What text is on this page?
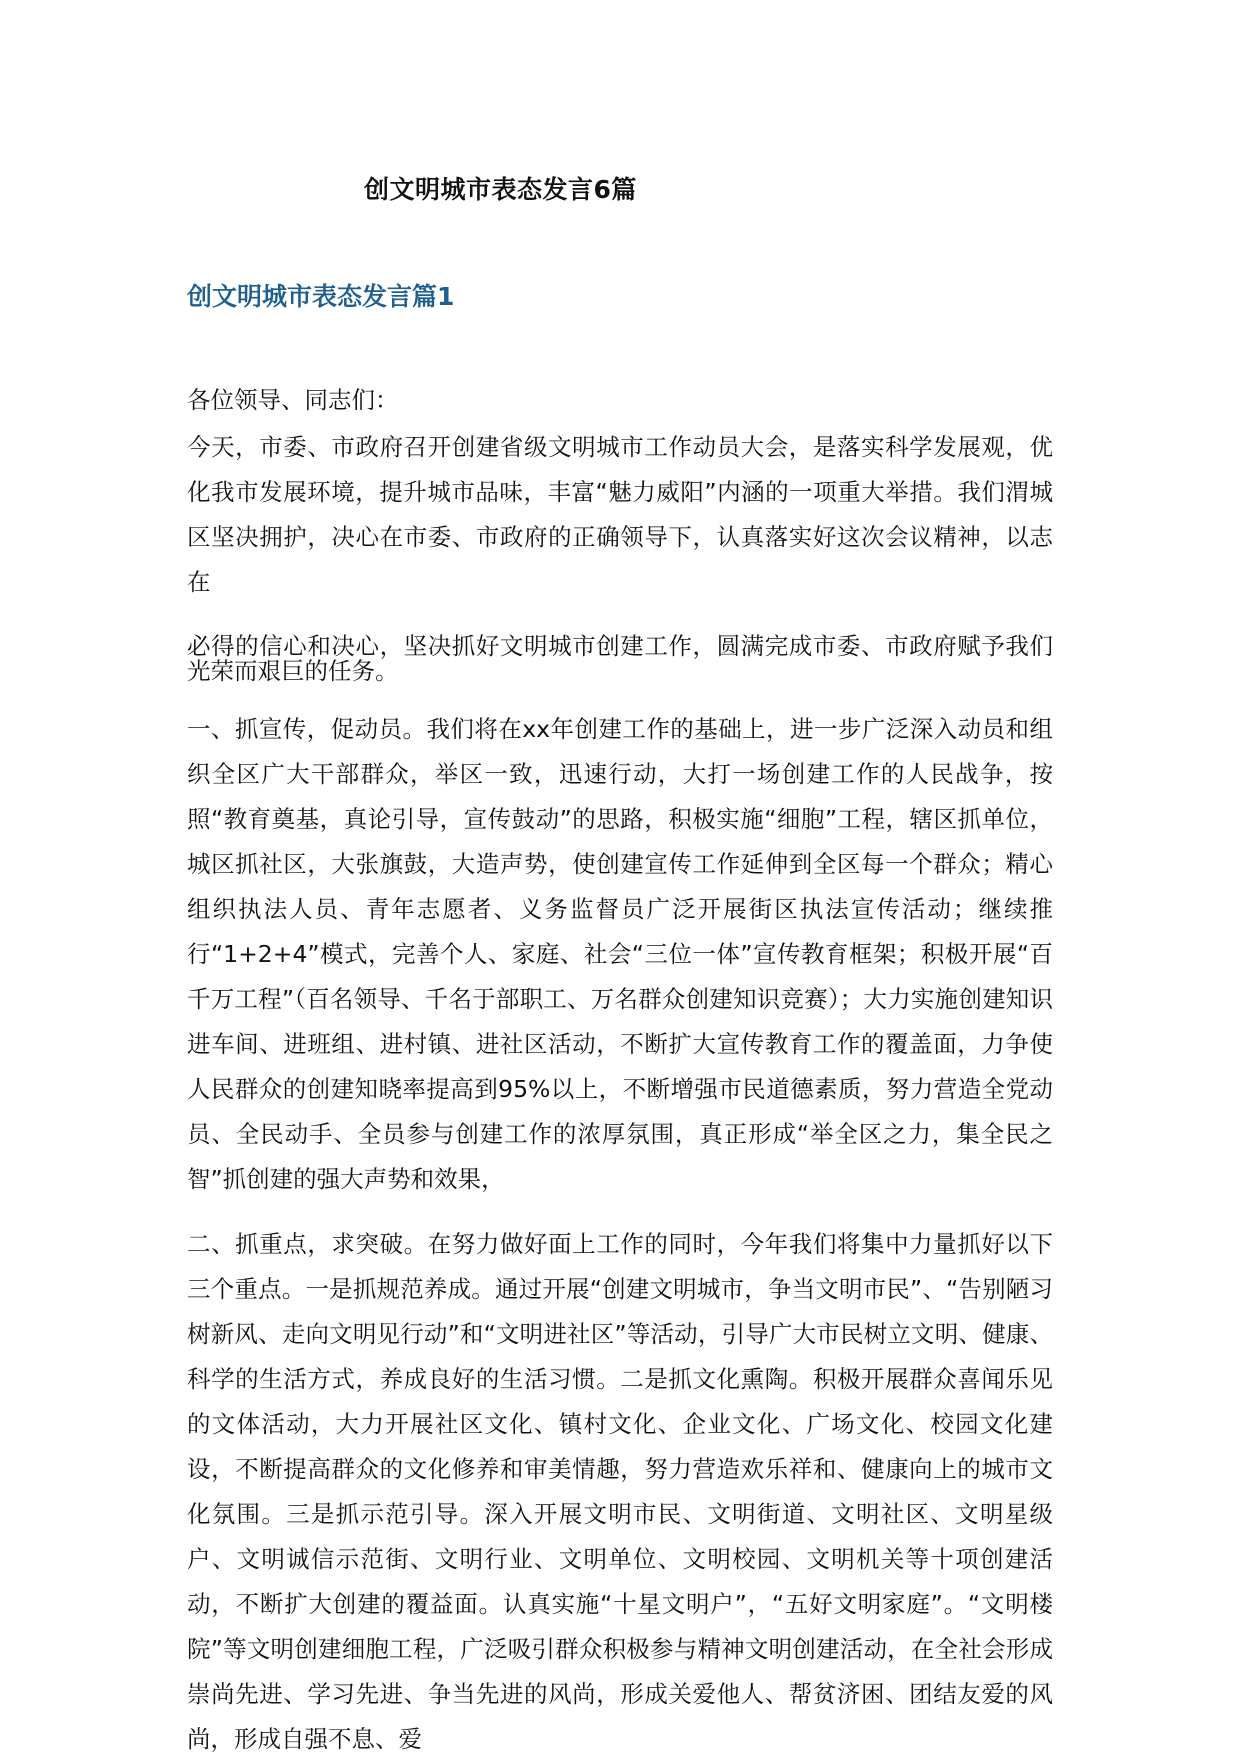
创文明城市表态发言6篇
创文明城市表态发言篇1

各位领导、同志们：

今天，市委、市政府召开创建省级文明城市工作动员大会，是落实科学发展观，优化我市发展环境，提升城市品味，丰富“魅力威阳”内涵的一项重大举措。我们渭城区坚决拥护，决心在市委、市政府的正确领导下，认真落实好这次会议精神，以志在

必得的信心和决心，坚决抓好文明城市创建工作，圆满完成市委、市政府赋予我们光荣而艰巨的任务。

一、抓宣传，促动员。我们将在xx年创建工作的基础上，进一步广泛深入动员和组织全区广大干部群众，举区一致，迅速行动，大打一场创建工作的人民战争，按照“教育奠基，真论引导，宣传鼓动”的思路，积极实施“细胞”工程，辖区抓单位，城区抓社区，大张旗鼓，大造声势，使创建宣传工作延伸到全区每一个群众；精心组织执法人员、青年志愿者、义务监督员广泛开展街区执法宣传活动；继续推行“1+2+4”模式，完善个人、家庭、社会“三位一体”宣传教育框架；积极开展“百千万工程”（百名领导、千名于部职工、万名群众创建知识竞赛）；大力实施创建知识进车间、进班组、进村镇、进社区活动，不断扩大宣传教育工作的覆盖面，力争使人民群众的创建知晓率提高到95%以上，不断增强市民道德素质，努力营造全党动员、全民动手、全员参与创建工作的浓厚氛围，真正形成“举全区之力，集全民之智”抓创建的强大声势和效果，

二、抓重点，求突破。在努力做好面上工作的同时，今年我们将集中力量抓好以下三个重点。一是抓规范养成。通过开展“创建文明城市，争当文明市民”、“告别陋习树新风、走向文明见行动”和“文明进社区”等活动，引导广大市民树立文明、健康、科学的生活方式，养成良好的生活习惯。二是抓文化熏陶。积极开展群众喜闻乐见的文体活动，大力开展社区文化、镇村文化、企业文化、广场文化、校园文化建设，不断提高群众的文化修养和审美情趣，努力营造欢乐祥和、健康向上的城市文化氛围。三是抓示范引导。深入开展文明市民、文明街道、文明社区、文明星级户、文明诚信示范街、文明行业、文明单位、文明校园、文明机关等十项创建活动，不断扩大创建的覆益面。认真实施“十星文明户”，“五好文明家庭”。“文明楼院”等文明创建细胞工程，广泛吸引群众积极参与精神文明创建活动，在全社会形成崇尚先进、学习先进、争当先进的风尚，形成关爱他人、帮贫济困、团结友爱的风尚，形成自强不息、爱
